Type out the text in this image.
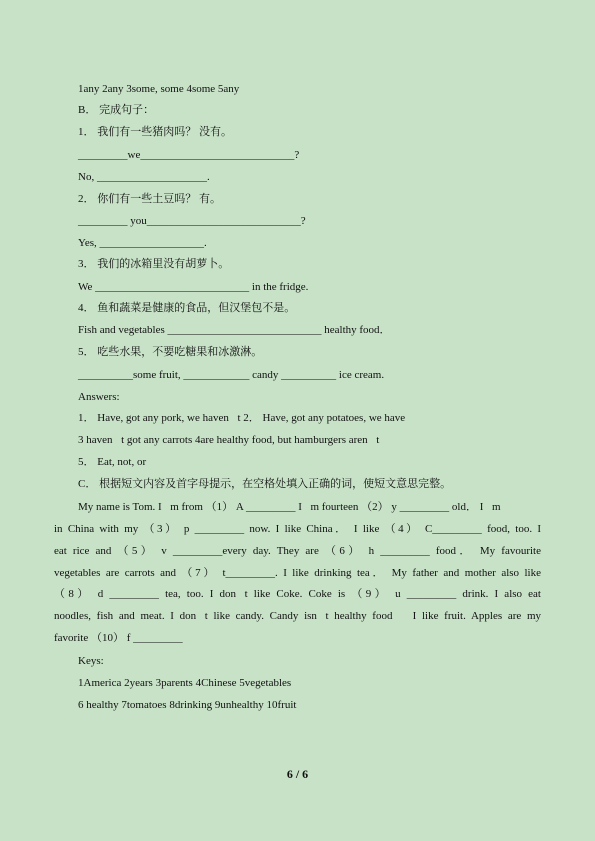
1any 2any 3some, some 4some 5any
B． 完成句子：
1． 我们有一些猪肉吗？ 没有。
_________we____________________________?
No, ____________________.
2． 你们有一些土豆吗？ 有。
_________ you____________________________?
Yes, ___________________.
3． 我们的冰箱里没有胡萝卜。
We ____________________________ in the fridge.
4． 鱼和蔬菜是健康的食品，但汉堡包不是。
Fish and vegetables ____________________________ healthy food．
5． 吃些水果，不要吃糖果和冰激淋。
__________some fruit, ____________ candy __________ ice cream.
Answers:
1． Have, got any pork, we haven t 2． Have, got any potatoes, we have
3 haven t got any carrots 4are healthy food, but hamburgers aren t
5． Eat, not, or
C． 根据短文内容及首字母提示，在空格处填入正确的词，使短文意思完整。
My name is Tom. I m from （1） A _________ I m fourteen （2） y _________ old． I m
in China with my （3） p _________ now. I like China． I like （4） C_________ food, too. I
eat rice and （5） v _________every day. They are （6） h _________ food． My favourite
vegetables are carrots and （7） t_________. I like drinking tea． My father and mother also like
（8） d _________ tea, too. I don t like Coke. Coke is （9） u _________ drink. I also eat
noodles, fish and meat. I don t like candy. Candy isn t healthy food． I like fruit. Apples are my
favorite （10） f _________
Keys:
1America 2years 3parents 4Chinese 5vegetables
6 healthy 7tomatoes 8drinking 9unhealthy 10fruit
6 / 6
